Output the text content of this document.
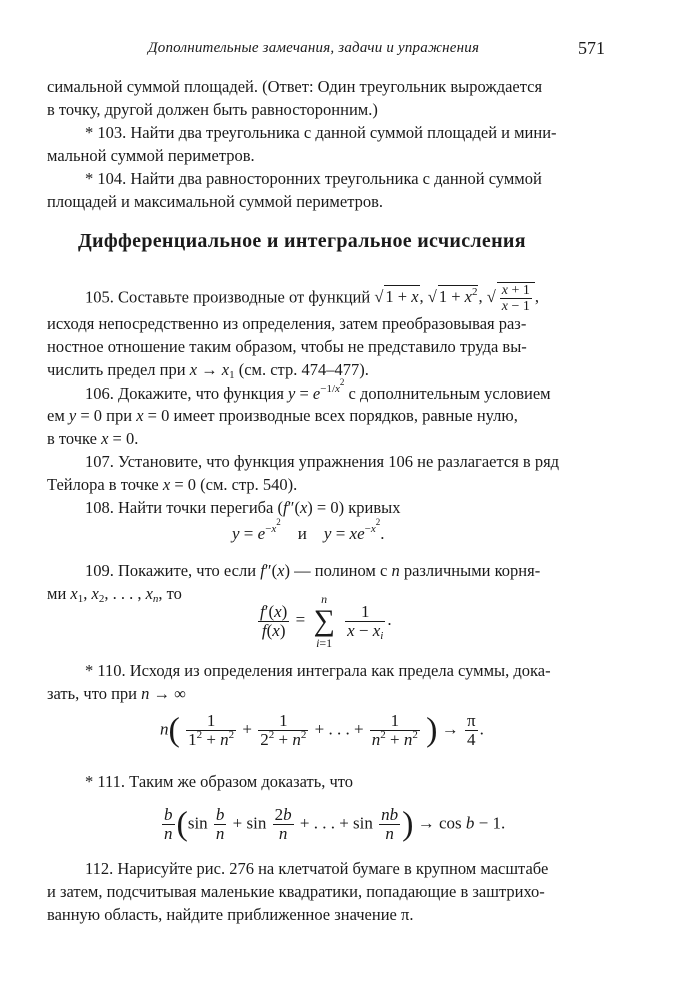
Дополнительные замечания, задачи и упражнения	571
симальной суммой площадей. (Ответ: Один треугольник вырождается
в точку, другой должен быть равносторонним.)
* 103. Найти два треугольника с данной суммой площадей и мини-
мальной суммой периметров.
* 104. Найти два равносторонних треугольника с данной суммой
площадей и максимальной суммой периметров.
Дифференциальное и интегральное исчисления
105. Составьте производные от функций √ 1 + x, √ $1 + x^2$, √ $\frac{x + 1}{x - 1}$ ,
исходя непосредственно из определения, затем преобразовывая раз-
ностное отношение таким образом, чтобы не представило труда вы-
числить предел при $x \to x_1$ (см. стр. 474–477).
106. Докажите, что функция $y = e^{-1/x^2}$ с дополнительным условием
ем y = 0 при x = 0 имеет производные всех порядков, равные нулю,
в точке x = 0.
107. Установите, что функция упражнения 106 не разлагается в ряд
Тейлора в точке x = 0 (см. стр. 540).
108. Найти точки перегиба (f″(x) = 0) кривых
$y = e^{-x^2}$    и $y = xe^{-x^2}$.
109. Покажите, что если f″(x) — полином с n различными корня-
ми $x_1$, $x_2$, . . . , $x_n$, то
$\frac{f'(x)}{f(x)}$ =
n
∑
i=1

$\frac{1}{x - x_i}$ .
* 110. Исходя из определения интеграла как предела суммы, дока-
зать, что при n → ∞
$n( \frac{1}{1^2 + n^2} + \frac{1}{2^2 + n^2}$ + . . . + $\frac{1}{n^2 + n^2}$ ) → $\frac{\pi}{4}$ .
* 111. Таким же образом доказать, что
$\frac{b}{n} (\sin \frac{b}{n} + \sin \frac{2b}{n}$ + . . . + $\sin \frac{nb}{n}$ ) → cos b − 1.
112. Нарисуйте рис. 276 на клетчатой бумаге в крупном масштабе
и затем, подсчитывая маленькие квадратики, попадающие в заштрихо-
ванную область, найдите приближенное значение π.
